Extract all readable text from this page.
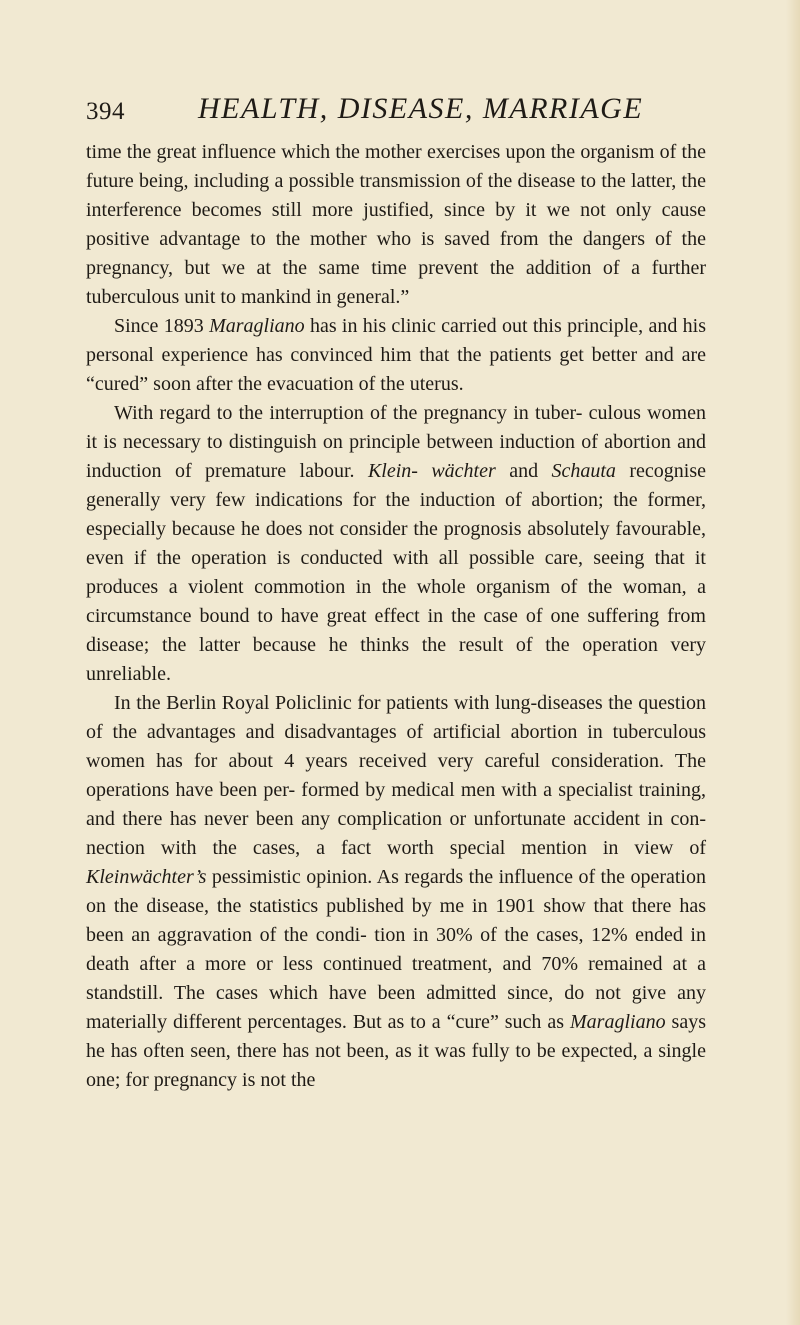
394 HEALTH, DISEASE, MARRIAGE

time the great influence which the mother exercises upon the organism of the future being, including a possible transmission of the disease to the latter, the interference becomes still more justified, since by it we not only cause positive advantage to the mother who is saved from the dangers of the pregnancy, but we at the same time prevent the addition of a further tuberculous unit to mankind in general.”

Since 1893 Maragliano has in his clinic carried out this principle, and his personal experience has convinced him that the patients get better and are “cured” soon after the evacuation of the uterus.

With regard to the interruption of the pregnancy in tuber- culous women it is necessary to distinguish on principle between induction of abortion and induction of premature labour. Klein- wächter and Schauta recognise generally very few indications for the induction of abortion; the former, especially because he does not consider the prognosis absolutely favourable, even if the operation is conducted with all possible care, seeing that it produces a violent commotion in the whole organism of the woman, a circumstance bound to have great effect in the case of one suffering from disease; the latter because he thinks the result of the operation very unreliable.

In the Berlin Royal Policlinic for patients with lung-diseases the question of the advantages and disadvantages of artificial abortion in tuberculous women has for about 4 years received very careful consideration. The operations have been per- formed by medical men with a specialist training, and there has never been any complication or unfortunate accident in con- nection with the cases, a fact worth special mention in view of Kleinwächter’s pessimistic opinion. As regards the influence of the operation on the disease, the statistics published by me in 1901 show that there has been an aggravation of the condi- tion in 30% of the cases, 12% ended in death after a more or less continued treatment, and 70% remained at a standstill. The cases which have been admitted since, do not give any materially different percentages. But as to a “cure” such as Maragliano says he has often seen, there has not been, as it was fully to be expected, a single one; for pregnancy is not the
